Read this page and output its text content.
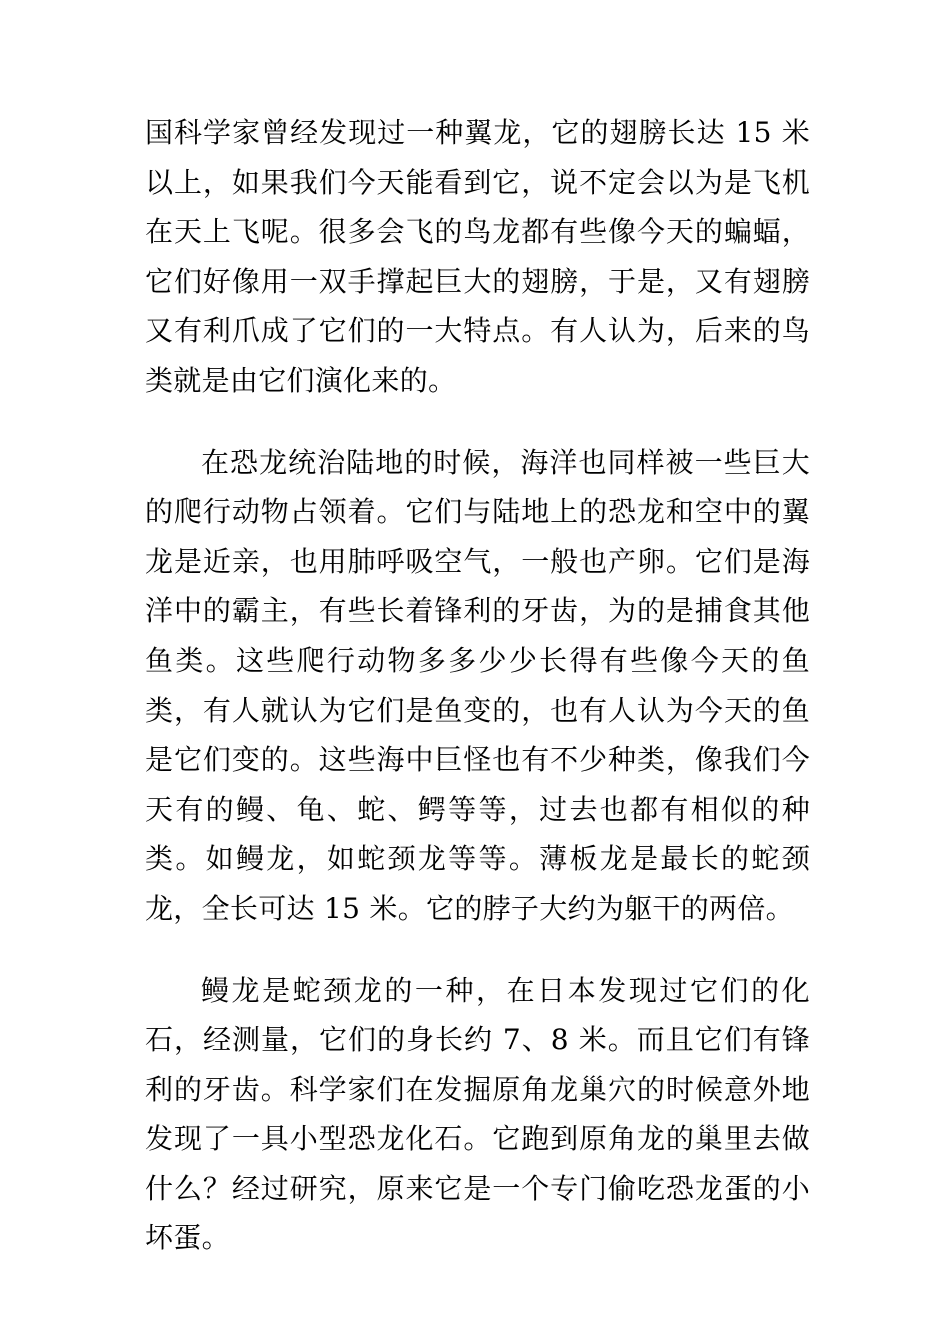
国科学家曾经发现过一种翼龙，它的翅膀长达 15 米以上，如果我们今天能看到它，说不定会以为是飞机在天上飞呢。很多会飞的鸟龙都有些像今天的蝙蝠，它们好像用一双手撑起巨大的翅膀，于是，又有翅膀又有利爪成了它们的一大特点。有人认为，后来的鸟类就是由它们演化来的。

在恐龙统治陆地的时候，海洋也同样被一些巨大的爬行动物占领着。它们与陆地上的恐龙和空中的翼龙是近亲，也用肺呼吸空气，一般也产卵。它们是海洋中的霸主，有些长着锋利的牙齿，为的是捕食其他鱼类。这些爬行动物多多少少长得有些像今天的鱼类，有人就认为它们是鱼变的，也有人认为今天的鱼是它们变的。这些海中巨怪也有不少种类，像我们今天有的鳗、龟、蛇、鳄等等，过去也都有相似的种类。如鳗龙，如蛇颈龙等等。薄板龙是最长的蛇颈龙，全长可达 15 米。它的脖子大约为躯干的两倍。

鳗龙是蛇颈龙的一种，在日本发现过它们的化石，经测量，它们的身长约 7、8 米。而且它们有锋利的牙齿。科学家们在发掘原角龙巢穴的时候意外地发现了一具小型恐龙化石。它跑到原角龙的巢里去做什么？经过研究，原来它是一个专门偷吃恐龙蛋的小坏蛋。
